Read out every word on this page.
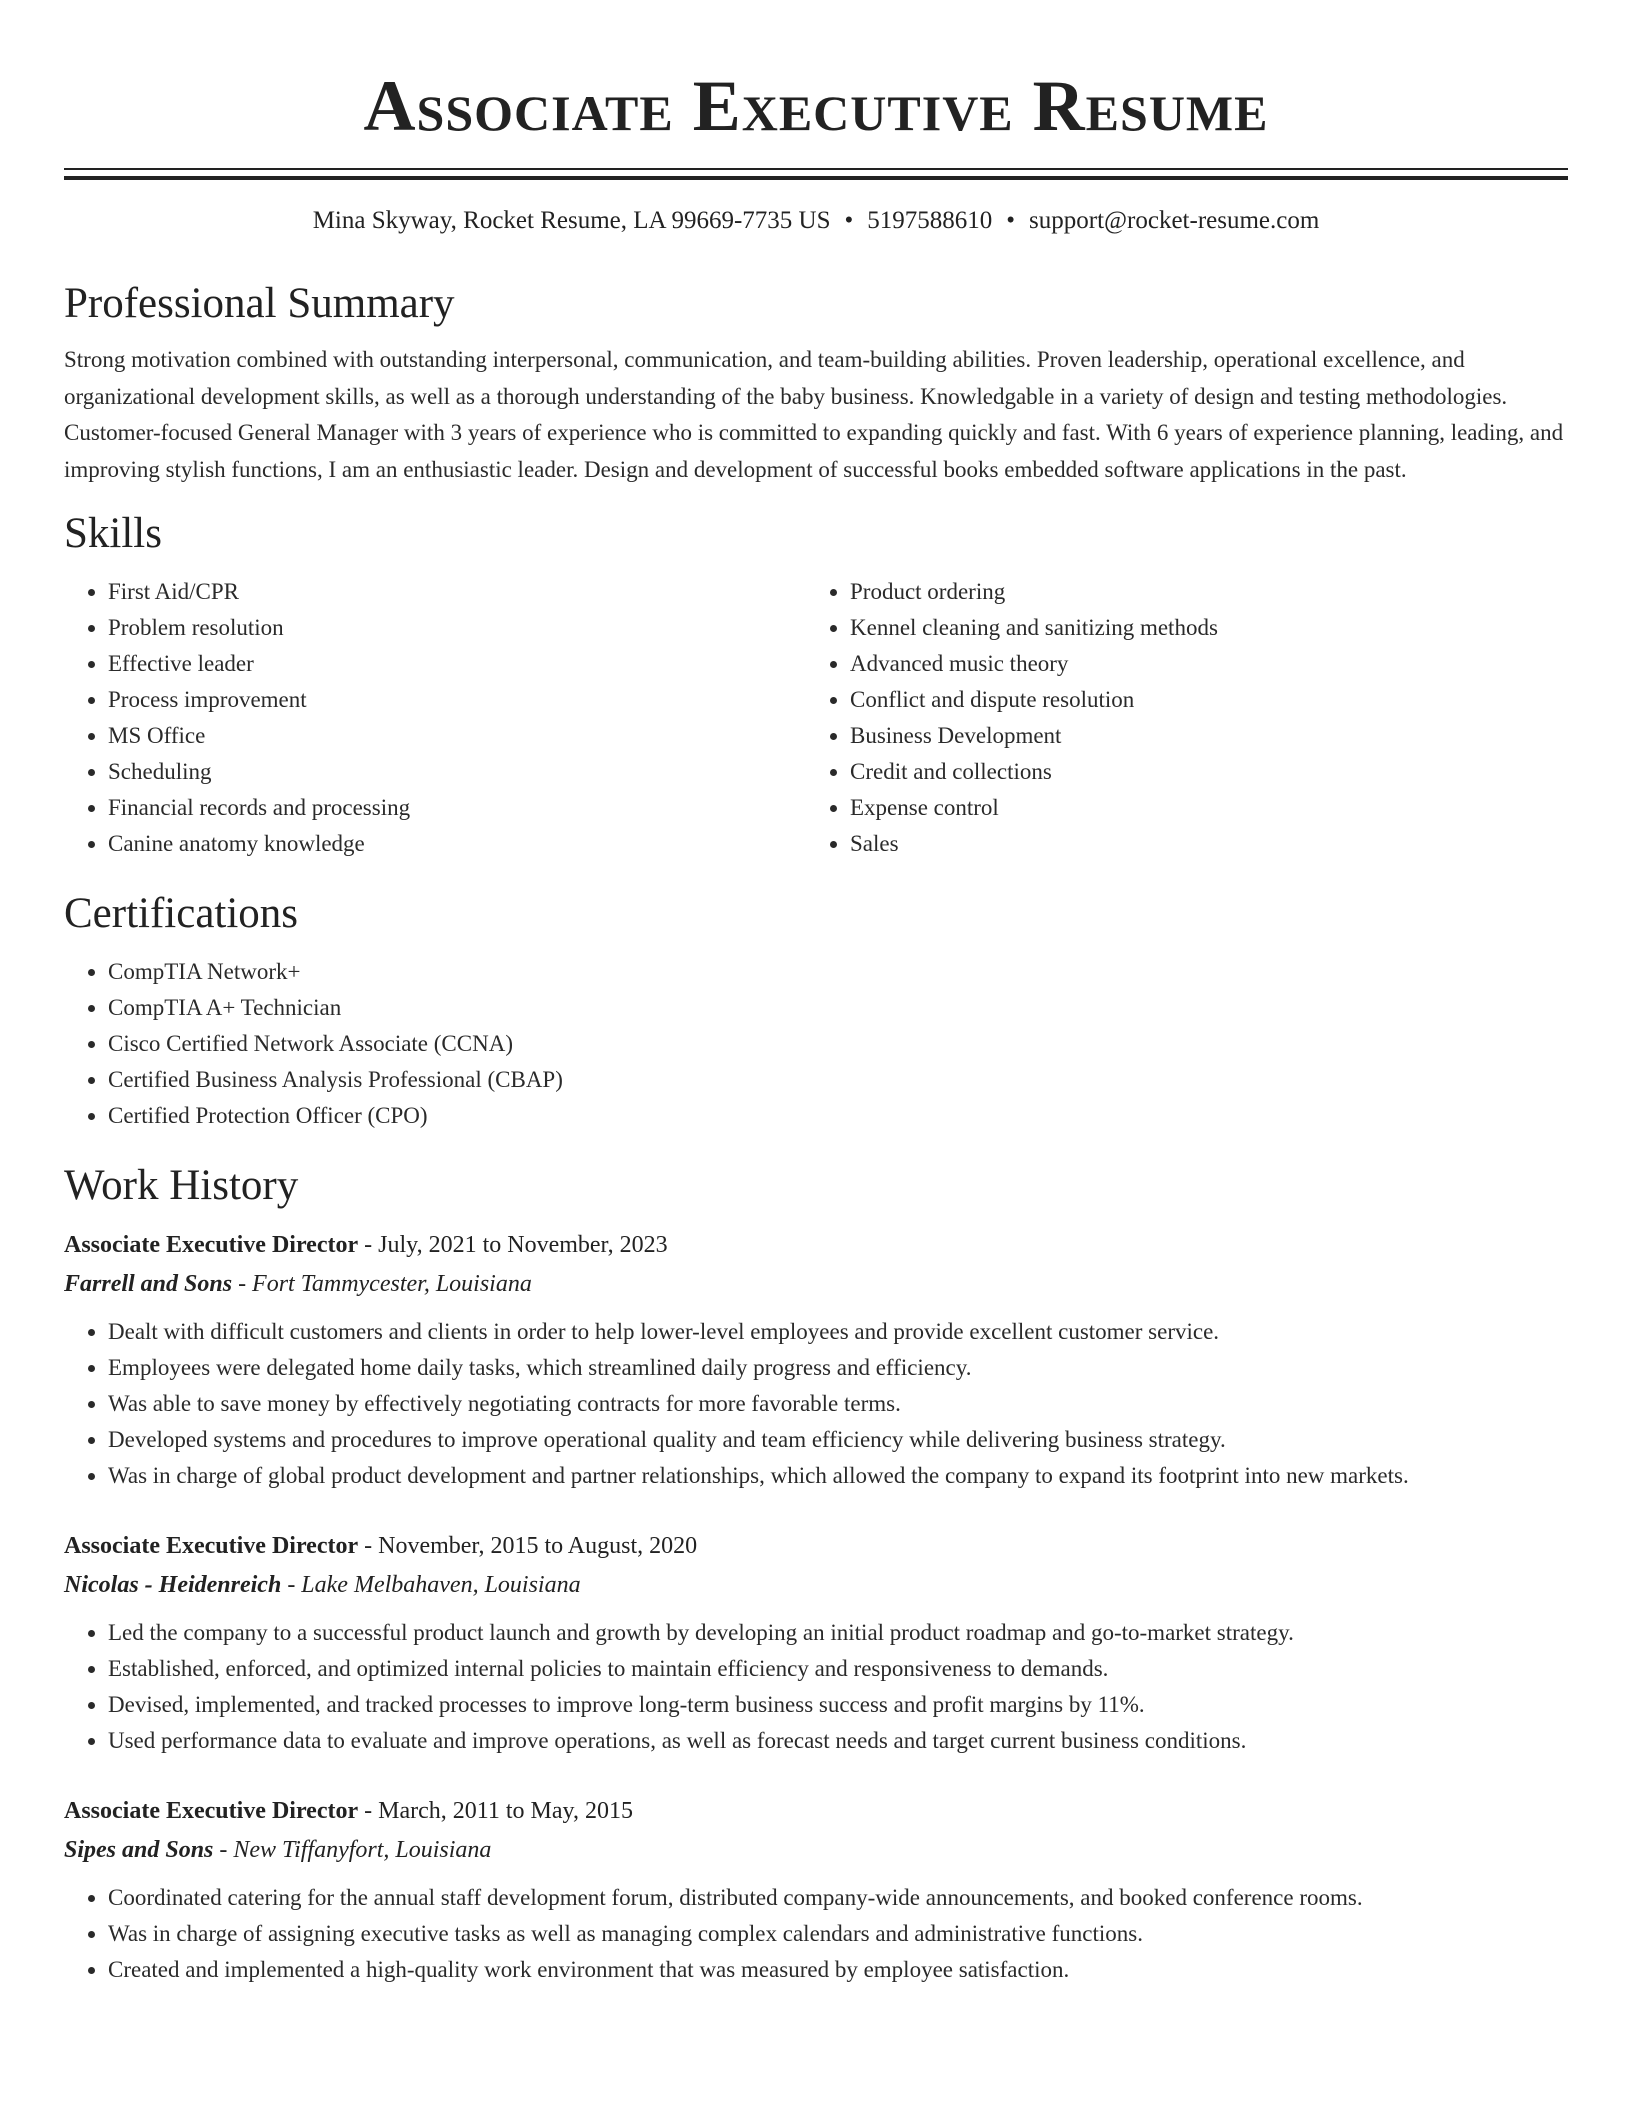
Associate Executive Resume
Mina Skyway, Rocket Resume, LA 99669-7735 US • 5197588610 • support@rocket-resume.com
Professional Summary

Strong motivation combined with outstanding interpersonal, communication, and team-building abilities. Proven leadership, operational excellence, and organizational development skills, as well as a thorough understanding of the baby business. Knowledgable in a variety of design and testing methodologies. Customer-focused General Manager with 3 years of experience who is committed to expanding quickly and fast. With 6 years of experience planning, leading, and improving stylish functions, I am an enthusiastic leader. Design and development of successful books embedded software applications in the past.

Skills
• First Aid/CPR
• Problem resolution
• Effective leader
• Process improvement
• MS Office
• Scheduling
• Financial records and processing
• Canine anatomy knowledge
• Product ordering
• Kennel cleaning and sanitizing methods
• Advanced music theory
• Conflict and dispute resolution
• Business Development
• Credit and collections
• Expense control
• Sales
Certifications
• CompTIA Network+
• CompTIA A+ Technician
• Cisco Certified Network Associate (CCNA)
• Certified Business Analysis Professional (CBAP)
• Certified Protection Officer (CPO)
Work History
Associate Executive Director - July, 2021 to November, 2023
Farrell and Sons - Fort Tammycester, Louisiana
• Dealt with difficult customers and clients in order to help lower-level employees and provide excellent customer service.
• Employees were delegated home daily tasks, which streamlined daily progress and efficiency.
• Was able to save money by effectively negotiating contracts for more favorable terms.
• Developed systems and procedures to improve operational quality and team efficiency while delivering business strategy.
• Was in charge of global product development and partner relationships, which allowed the company to expand its footprint into new markets.
Associate Executive Director - November, 2015 to August, 2020
Nicolas - Heidenreich - Lake Melbahaven, Louisiana
• Led the company to a successful product launch and growth by developing an initial product roadmap and go-to-market strategy.
• Established, enforced, and optimized internal policies to maintain efficiency and responsiveness to demands.
• Devised, implemented, and tracked processes to improve long-term business success and profit margins by 11%.
• Used performance data to evaluate and improve operations, as well as forecast needs and target current business conditions.
Associate Executive Director - March, 2011 to May, 2015
Sipes and Sons - New Tiffanyfort, Louisiana
• Coordinated catering for the annual staff development forum, distributed company-wide announcements, and booked conference rooms.
• Was in charge of assigning executive tasks as well as managing complex calendars and administrative functions.
• Created and implemented a high-quality work environment that was measured by employee satisfaction.
